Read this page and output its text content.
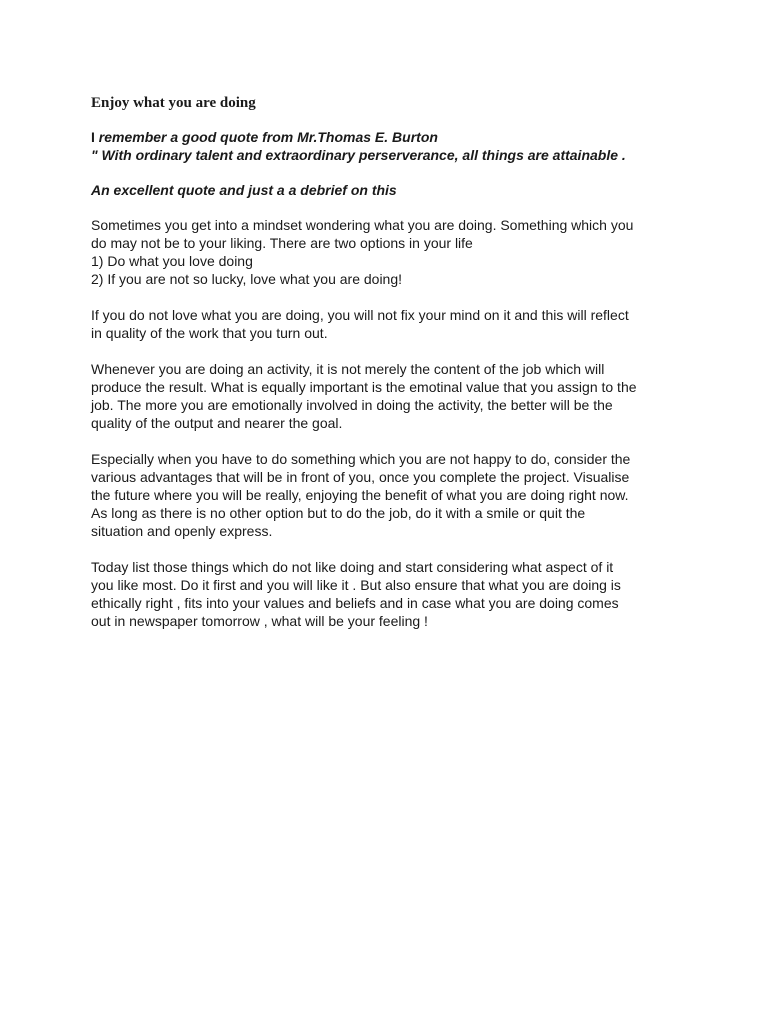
Enjoy what you are doing
I remember a good quote from Mr.Thomas E. Burton
" With ordinary talent and extraordinary perserverance, all things are attainable .
An excellent quote and just a a debrief on this

Sometimes you get into a mindset wondering what you are doing. Something which you
do may not be to your liking. There are two options in your life
1) Do what you love doing
2) If you are not so lucky, love what you are doing!

If you do not love what you are doing, you will not fix your mind on it and this will reflect
in quality of the work that you turn out.

Whenever you are doing an activity, it is not merely the content of the job which will
produce the result. What is equally important is the emotinal value that you assign to the
job. The more you are emotionally involved in doing the activity, the better will be the
quality of the output and nearer the goal.

Especially when you have to do something which you are not happy to do, consider the
various advantages that will be in front of you, once you complete the project. Visualise
the future where you will be really, enjoying the benefit of what you are doing right now.
As long as there is no other option but to do the job, do it with a smile or quit the
situation and openly express.

Today list those things which do not like doing and start considering what aspect of it
you like most. Do it first and you will like it . But also ensure that what you are doing is
ethically right , fits into your values and beliefs and in case what you are doing comes
out in newspaper tomorrow , what will be your feeling !
